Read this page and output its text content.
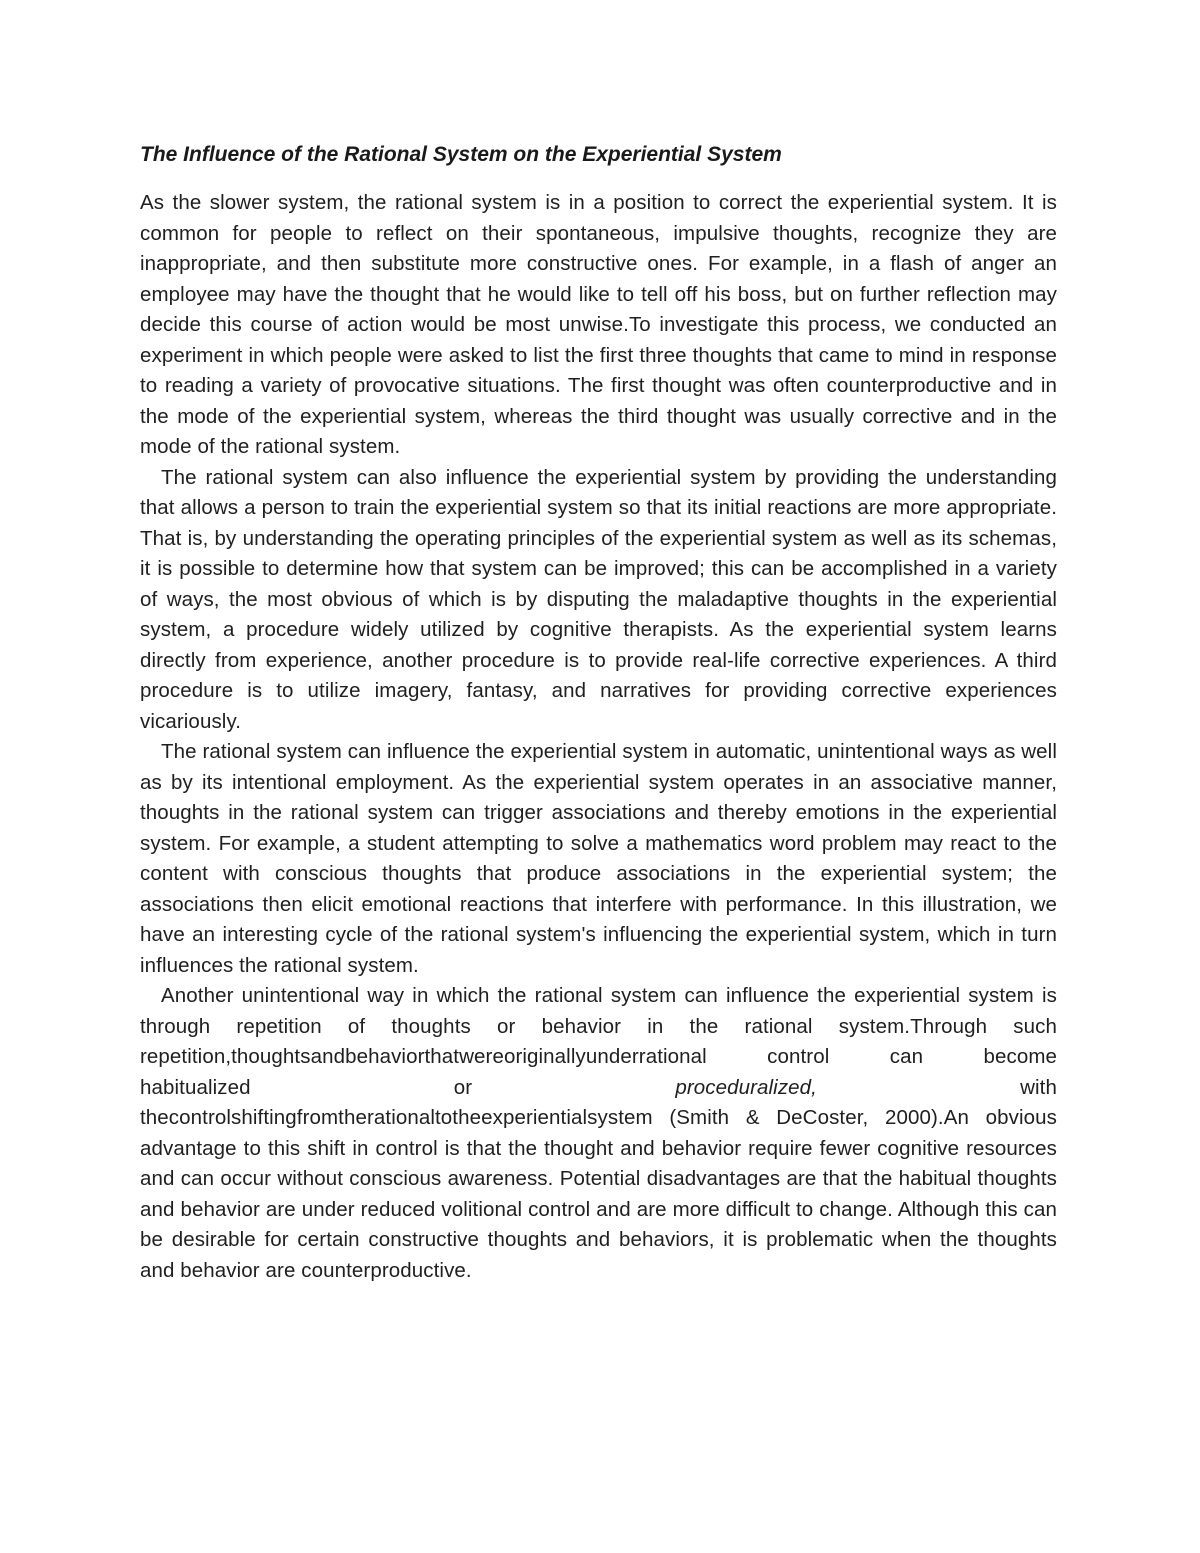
The Influence of the Rational System on the Experiential System

As the slower system, the rational system is in a position to correct the experiential system. It is common for people to reflect on their spontaneous, impulsive thoughts, recognize they are inappropriate, and then substitute more constructive ones. For example, in a flash of anger an employee may have the thought that he would like to tell off his boss, but on further reflection may decide this course of action would be most unwise.To investigate this process, we conducted an experiment in which people were asked to list the first three thoughts that came to mind in response to reading a variety of provocative situations. The first thought was often counterproductive and in the mode of the experiential system, whereas the third thought was usually corrective and in the mode of the rational system.

The rational system can also influence the experiential system by providing the understanding that allows a person to train the experiential system so that its initial reactions are more appropriate. That is, by understanding the operating principles of the experiential system as well as its schemas, it is possible to determine how that system can be improved; this can be accomplished in a variety of ways, the most obvious of which is by disputing the maladaptive thoughts in the experiential system, a procedure widely utilized by cognitive therapists. As the experiential system learns directly from experience, another procedure is to provide real-life corrective experiences. A third procedure is to utilize imagery, fantasy, and narratives for providing corrective experiences vicariously.

The rational system can influence the experiential system in automatic, unintentional ways as well as by its intentional employment. As the experiential system operates in an associative manner, thoughts in the rational system can trigger associations and thereby emotions in the experiential system. For example, a student attempting to solve a mathematics word problem may react to the content with conscious thoughts that produce associations in the experiential system; the associations then elicit emotional reactions that interfere with performance. In this illustration, we have an interesting cycle of the rational system's influencing the experiential system, which in turn influences the rational system.

Another unintentional way in which the rational system can influence the experiential system is through repetition of thoughts or behavior in the rational system.Through such repetition,thoughtsandbehaviorthatwereoriginallyunderrational control can become

habitualized	or	proceduralized,	with

thecontrolshiftingfromtherationaltotheexperientialsystem (Smith & DeCoster, 2000).An obvious advantage to this shift in control is that the thought and behavior require fewer cognitive resources and can occur without conscious awareness. Potential disadvantages are that the habitual thoughts and behavior are under reduced volitional control and are more difficult to change. Although this can be desirable for certain constructive thoughts and behaviors, it is problematic when the thoughts and behavior are counterproductive.
